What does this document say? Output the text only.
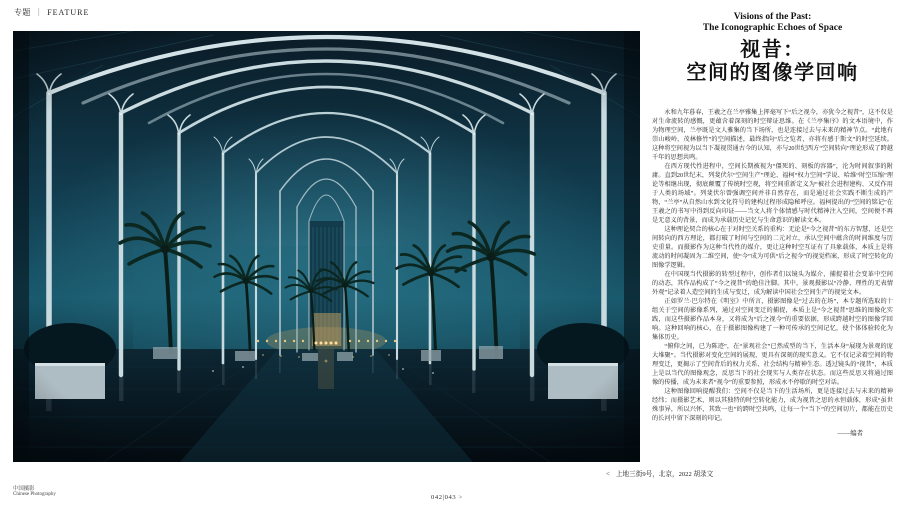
专题 ｜ FEATURE	Visions of the Past:
The Iconographic Echoes of Space
视昔：
空间的图像学回响

永和九年暮春，王羲之在兰亭雅集上挥毫写下“后之视今，亦犹今之视昔”，这不仅是对生命流转的感慨，更蕴含着深刻的时空辩证思维。在《兰亭集序》的文本语境中，作为物理空间，兰亭既是文人雅集的当下场所，也是连接过去与未来的精神节点。“此地有崇山峻岭，茂林修竹”的空间描述，最终指向“后之览者，亦将有感于斯文”的时空延续。这种将空间视为以当下凝视贯通古今的认知，亦与20世纪西方“空间转向”理论形成了跨越千年的思想共鸣。

在西方现代性进程中，空间长期被视为“僵死的、刻板的容器”，沦为时间叙事的附庸。直到20世纪末，列斐伏尔“空间生产”理论、福柯“权力空间”学说、哈维“时空压缩”理论等相继出现，彻底颠覆了传统时空观，将空间重新定义为“被社会进程建构、又反作用于人类的场域”。列斐伏尔曾强调空间并非自然存在，而是通过社会实践不断生成的产物，“兰亭”从自然山水到文化符号的建构过程形成隐秘呼应。福柯提出的“空间的铭记”在王羲之的书写中得到反向印证——当文人将个体情感与时代精神注入空间，空间便不再是无意义的背景，而成为承载历史记忆与生命意识的解读文本。

这种理论契合的核心在于对时空关系的重构：无论是“今之视昔”的东方智慧，还是空间转向的西方理论，都打破了时间与空间的二元对立，承认空间中蕴含的时间维度与历史重量。而摄影作为这种当代性的媒介，更让这种时空互证有了具象载体，本质上是将流动的时间凝固为二维空间，使“今”成为可供“后之视今”的视觉档案，形成了时空转化的图像学逻辑。

在中国现当代摄影的转型过程中，创作者们以镜头为媒介，捕捉着社会变革中空间的动态，其作品构成了“今之视昔”的绝佳注脚。其中，景观摄影以“冷静、理性的无表情外观”记录着人造空间的生成与变迁，成为解读中国社会空间生产的视觉文本。

正如罗兰·巴尔特在《明室》中所言，摄影图像是“过去的在场”，本专题所选取的十组关于空间的影像系列，通过对空间变迁的捕捉，本质上是“今之视昔”思维的图像化实践，而这些摄影作品本身，又将成为“后之视今”的重要依据，形成跨越时空的图像学回响。这种回响的核心，在于摄影图像构建了一种可传承的空间记忆，使个体体验转化为集体历史。

“俯仰之间，已为陈迹”，在“景观社会”已然成型的当下，生活本身“展现为景观的庞大堆聚”。当代摄影对变化空间的展现，更具有深刻的现实意义。它不仅记录着空间的物理变迁，更揭示了空间背后的权力关系、社会结构与精神生态。透过镜头的“视昔”，本质上是以当代的图像观念，反思当下的社会现实与人类存在状态。而这些反思又将通过图像的传播，成为未来者“视今”的重要参照，形成永不停歇的时空对话。

这种图像回响提醒我们：空间不仅是当下的生活场所，更是连接过去与未来的精神经纬；而摄影艺术，则以其独特的时空转化能力，成为视昔之思的永恒载体，形成“虽世殊事异，所以兴怀，其致一也”的跨时空共鸣，让每一个“当下”的空间切片，都能在历史的长河中留下深刻的印记。

——编者
< 上地三街9号，北京，2022 胡录文
中国摄影
Chinese Photography	042|043 >
